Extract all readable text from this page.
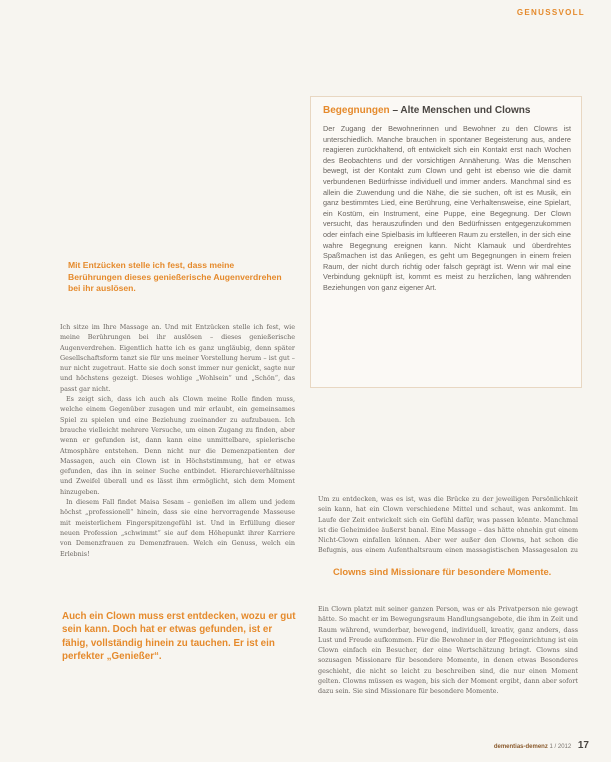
GENUSSVOLL
Begegnungen – Alte Menschen und Clowns

Der Zugang der Bewohnerinnen und Bewohner zu den Clowns ist unterschiedlich. Manche brauchen in spontaner Begeisterung aus, andere reagieren zurückhaltend, oft entwickelt sich ein Kontakt erst nach Wochen des Beobachtens und der vorsichtigen Annäherung. Was die Menschen bewegt, ist der Kontakt zum Clown und geht ist ebenso wie die damit verbundenen Bedürfnisse individuell und immer anders. Manchmal sind es allein die Zuwendung und die Nähe, die sie suchen, oft ist es Musik, ein ganz bestimmtes Lied, eine Berührung, eine Verhaltensweise, eine Spielart, ein Kostüm, ein Instrument, eine Puppe, eine Begegnung. Der Clown versucht, das herauszufinden und den Bedürfnissen entgegenzukommen oder einfach eine Spielbasis im luftleeren Raum zu erstellen, in der sich eine wahre Begegnung ereignen kann. Nicht Klamauk und überdrehtes Spaßmachen ist das Anliegen, es geht um Begegnungen in einem freien Raum, der nicht durch richtig oder falsch geprägt ist. Wenn wir mal eine Verbindung geknüpft ist, kommt es meist zu herzlichen, lang währenden Beziehungen von ganz eigener Art.

Mit Entzücken stelle ich fest, dass meine Berührungen dieses genießerische Augenverdrehen bei ihr auslösen.

Ich sitze im Ihre Massage an. Und mit Entzücken stelle ich fest, wie meine Berührungen bei ihr auslösen – dieses genießerische Augenverdrehen. Eigentlich hatte ich es ganz ungläubig, denn später Gesellschaftsform tanzt sie für uns meiner Vorstellung herum – ist gut – nur nicht zugetraut. Hatte sie doch sonst immer nur genickt, sagte nur und höchstens gezeigt. Dieses wohlige „Wohlsein“ und „Schön“, das passt gar nicht.

Es zeigt sich, dass ich auch als Clown meine Rolle finden muss, welche einem Gegenüber zusagen und mir erlaubt, ein gemeinsames Spiel zu spielen und eine Beziehung zueinander zu aufzubauen. Ich brauche vielleicht mehrere Versuche, um einen Zugang zu finden, aber wenn er gefunden ist, dann kann eine unmittelbare, spielerische Atmosphäre entstehen. Denn nicht nur die Demenzpatienten der Massagen, auch ein Clown ist in Höchststimmung, hat er etwas gefunden, das ihn in seiner Suche entbindet. Hierarchieverhältnisse und Zweifel überall und es lässt ihm ermöglicht, sich dem Moment hinzugeben.

In diesem Fall findet Maisa Sesam – genießen im allem und jedem höchst „professionell“ hinein, dass sie eine hervorragende Masseuse mit meisterlichem Fingerspitzengefühl ist. Und in Erfüllung dieser neuen Profession „schwimmt“ sie auf dem Höhepunkt ihrer Karriere von Demenzfrauen zu Demenzfrauen. Welch ein Genuss, welch ein Erlebnis!

Um zu entdecken, was es ist, was die Brücke zu der jeweiligen Persönlichkeit sein kann, hat ein Clown verschiedene Mittel und schaut, was ankommt. Im Laufe der Zeit entwickelt sich ein Gefühl dafür, was passen könnte. Manchmal ist die Geheimidee äußerst banal. Eine Massage – das hätte ohnehin gut einem Nicht-Clown einfallen können. Aber wer außer den Clowns, hat schon die Befugnis, aus einem Aufenthaltsraum einen massagistischen Massagesalon zu

Clowns sind Missionare für besondere Momente.

Ein Clown platzt mit seiner ganzen Person, was er als Privatperson nie gewagt hätte. So macht er im Bewegungsraum Handlungsangebote, die ihm in Zeit und Raum während, wunderbar, bewegend, individuell, kreativ, ganz anders, dass Lust und Freude aufkommen. Für die Bewohner in der Pflegeeinrichtung ist ein Clown einfach ein Besucher, der eine Wertschätzung bringt. Clowns sind sozusagen Missionare für besondere Momente, in denen etwas Besonderes geschieht, die nicht so leicht zu beschreiben sind, die nur einen Moment gelten. Clowns müssen es wagen, bis sich der Moment ergibt, dann aber sofort dazu sein. Sie sind Missionare für besondere Momente.

Auch ein Clown muss erst entdecken, wozu er gut sein kann. Doch hat er etwas gefunden, ist er fähig, vollständig hinein zu tauchen. Er ist ein perfekter „Genießer“.

dementias-demenz 1 / 2012 17
